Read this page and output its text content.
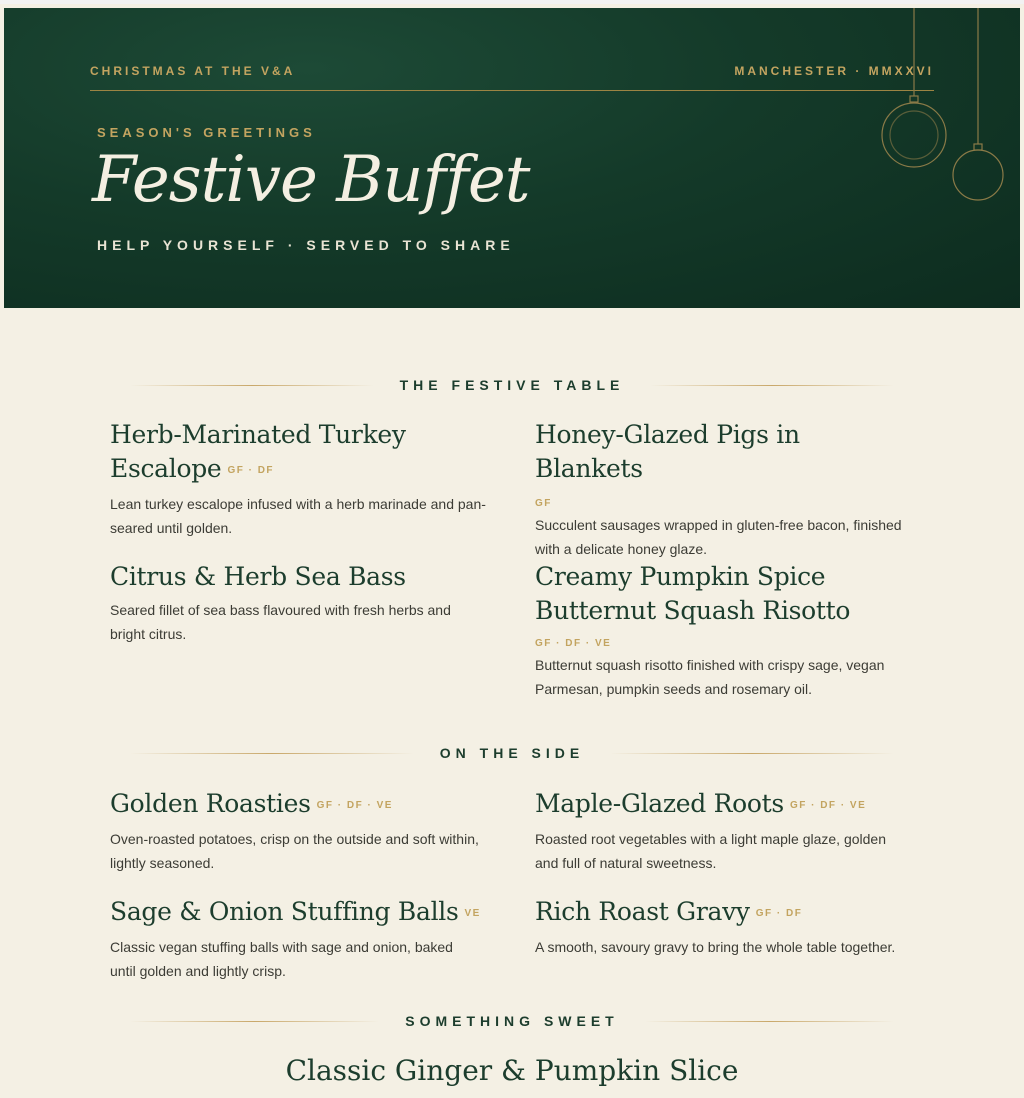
CHRISTMAS AT THE V&A	MANCHESTER · MMXXVI
SEASON'S GREETINGS
Festive Buffet
HELP YOURSELF · SERVED TO SHARE
THE FESTIVE TABLE
Herb-Marinated Turkey Escalope GF · DF
Lean turkey escalope infused with a herb marinade and pan-seared until golden.
Honey-Glazed Pigs in Blankets
GF
Succulent sausages wrapped in gluten-free bacon, finished with a delicate honey glaze.
Citrus & Herb Sea Bass
Seared fillet of sea bass flavoured with fresh herbs and bright citrus.
Creamy Pumpkin Spice Butternut Squash Risotto
GF · DF · VE
Butternut squash risotto finished with crispy sage, vegan Parmesan, pumpkin seeds and rosemary oil.
ON THE SIDE
Golden Roasties GF · DF · VE
Oven-roasted potatoes, crisp on the outside and soft within, lightly seasoned.
Maple-Glazed Roots GF · DF · VE
Roasted root vegetables with a light maple glaze, golden and full of natural sweetness.
Sage & Onion Stuffing Balls VE
Classic vegan stuffing balls with sage and onion, baked until golden and lightly crisp.
Rich Roast Gravy GF · DF
A smooth, savoury gravy to bring the whole table together.
SOMETHING SWEET
Classic Ginger & Pumpkin Slice
